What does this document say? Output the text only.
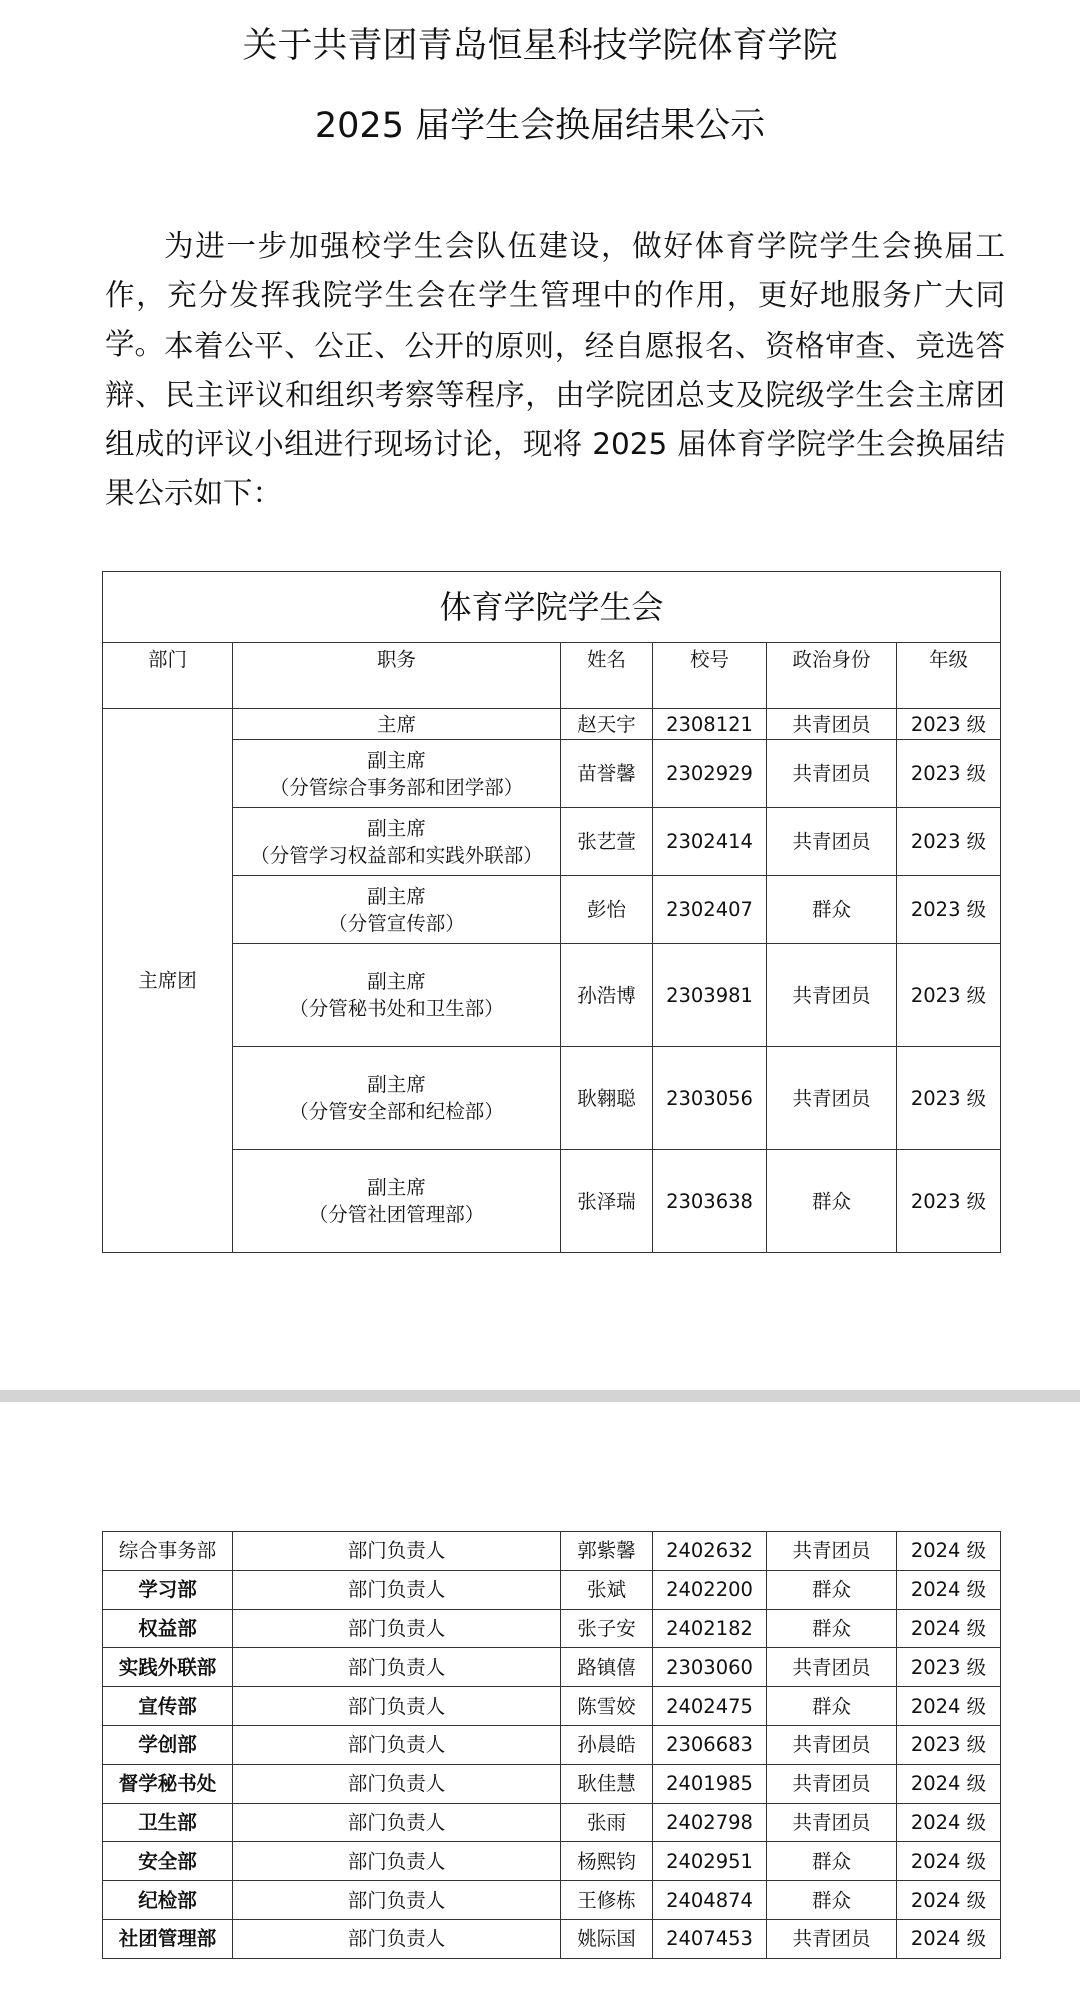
关于共青团青岛恒星科技学院体育学院
2025 届学生会换届结果公示

为进一步加强校学生会队伍建设，做好体育学院学生会换届工作，充分发挥我院学生会在学生管理中的作用，更好地服务广大同学。 本着公平、公正、公开的原则，经自愿报名、资格审查、竞选答辩、民主评议和组织考察等程序，由学院团总支及院级学生会主席团组成的评议小组进行现场讨论，现将 2025 届体育学院学生会换届结果公示如下：

体育学院学生会					
部门	职务	姓名	校号	政治身份	年级
主席团	主席	赵天宇	2308121	共青团员	2023 级

	副主席
（分管综合事务部和团学部）	苗誉馨	2302929	共青团员	2023 级

	副主席
（分管学习权益部和实践外联部）	张艺萱	2302414	共青团员	2023 级

	副主席
（分管宣传部）	彭怡	2302407	群众	2023 级

	副主席
（分管秘书处和卫生部）	孙浩博	2303981	共青团员	2023 级

	副主席
（分管安全部和纪检部）	耿翱聪	2303056	共青团员	2023 级

	副主席
（分管社团管理部）	张泽瑞	2303638	群众	2023 级
综合事务部	部门负责人	郭紫馨	2402632	共青团员	2024 级
学习部	部门负责人	张斌	2402200	群众	2024 级
权益部	部门负责人	张子安	2402182	群众	2024 级
实践外联部	部门负责人	路镇僖	2303060	共青团员	2023 级
宣传部	部门负责人	陈雪姣	2402475	群众	2024 级
学创部	部门负责人	孙晨皓	2306683	共青团员	2023 级
督学秘书处	部门负责人	耿佳慧	2401985	共青团员	2024 级
卫生部	部门负责人	张雨	2402798	共青团员	2024 级
安全部	部门负责人	杨熙钧	2402951	群众	2024 级
纪检部	部门负责人	王修栋	2404874	群众	2024 级
社团管理部	部门负责人	姚际国	2407453	共青团员	2024 级
